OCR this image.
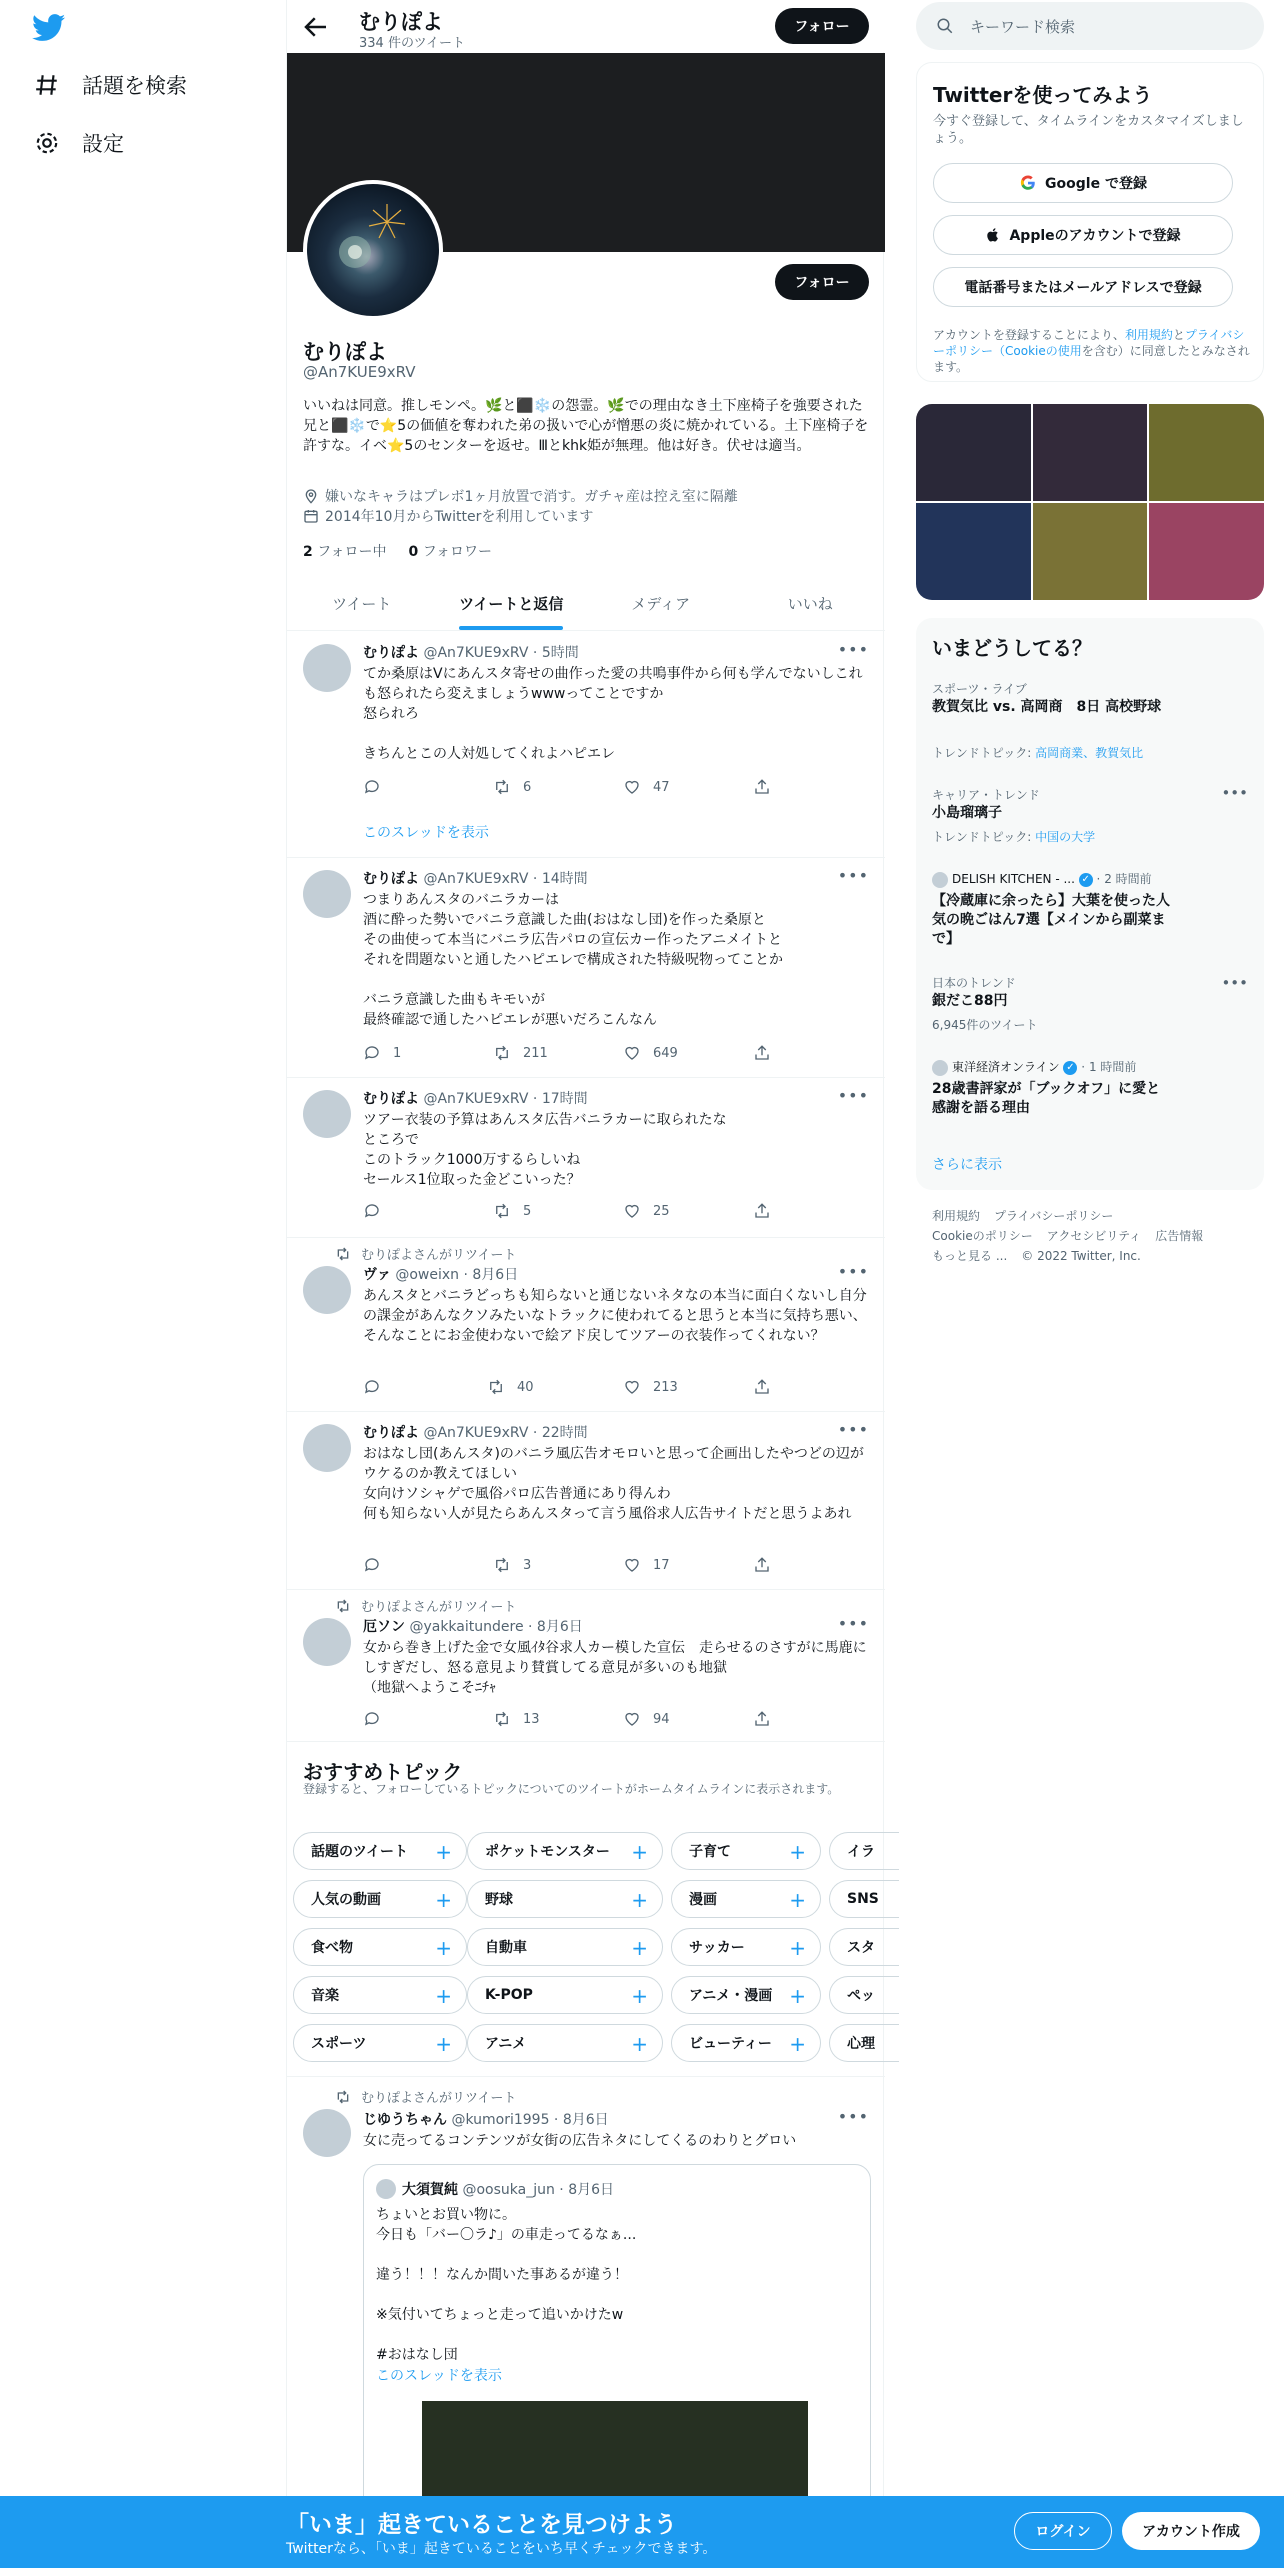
話題を検索
設定
むりぽよ
334 件のツイート
フォロー
フォロー
むりぽよ
@An7KUE9xRV
いいねは同意。推しモンペ。🌿と⬛❄️の怨霊。🌿での理由なき土下座椅子を強要された兄と⬛❄️で⭐5の価値を奪われた弟の扱いで心が憎悪の炎に焼かれている。土下座椅子を許すな。イベ⭐5のセンターを返せ。Ⅲとkhk姫が無理。他は好き。伏せは適当。
嫌いなキャラはプレボ1ヶ月放置で消す。ガチャ産は控え室に隔離
2014年10月からTwitterを利用しています
2 フォロー中 0 フォロワー
ツイート	ツイートと返信	メディア	いいね
むりぽよ @An7KUE9xRV · 5時間	•••
てか桑原はVにあんスタ寄せの曲作った愛の共鳴事件から何も学んでないしこれも怒られたら変えましょうwwwってことですか
怒られろ

きちんとこの人対処してくれよハピエレ
6	47
このスレッドを表示
むりぽよ @An7KUE9xRV · 14時間	•••
つまりあんスタのバニラカーは
酒に酔った勢いでバニラ意識した曲(おはなし団)を作った桑原と
その曲使って本当にバニラ広告パロの宣伝カー作ったアニメイトと
それを問題ないと通したハピエレで構成された特級呪物ってことか

バニラ意識した曲もキモいが
最終確認で通したハピエレが悪いだろこんなん
1	211	649
むりぽよ @An7KUE9xRV · 17時間	•••
ツアー衣装の予算はあんスタ広告バニラカーに取られたな
ところで
このトラック1000万するらしいね
セールス1位取った金どこいった？
5	25
むりぽよさんがリツイート
ヴァ @oweixn · 8月6日	•••
あんスタとバニラどっちも知らないと通じないネタなの本当に面白くないし自分の課金があんなクソみたいなトラックに使われてると思うと本当に気持ち悪い、そんなことにお金使わないで絵アド戻してツアーの衣装作ってくれない？
40	213
むりぽよ @An7KUE9xRV · 22時間	•••
おはなし団(あんスタ)のバニラ風広告オモロいと思って企画出したやつどの辺がウケるのか教えてほしい
女向けソシャゲで風俗パロ広告普通にあり得んわ
何も知らない人が見たらあんスタって言う風俗求人広告サイトだと思うよあれ
3	17
むりぽよさんがリツイート
厄ソン @yakkaitundere · 8月6日	•••
女から巻き上げた金で女風ｲﾀ谷求人カー模した宣伝　走らせるのさすがに馬鹿にしすぎだし、怒る意見より賛賞してる意見が多いのも地獄
（地獄へようこそﾆﾁｬ
13	94
おすすめトピック
登録すると、フォローしているトピックについてのツイートがホームタイムラインに表示されます。
話題のツイート + ポケットモンスター +	子育て	+	イラ
人気の動画	+ 野球	+	漫画	+	SNS
食べ物	+ 自動車	+	サッカー +	スタ
音楽	+ K-POP	+	アニメ・漫画 +	ペッ
スポーツ	+ アニメ	+	ビューティー +	心理
むりぽよさんがリツイート
じゆうちゃん @kumori1995 · 8月6日	•••
女に売ってるコンテンツが女街の広告ネタにしてくるのわりとグロい
大須賀純 @oosuka_jun · 8月6日
ちょいとお買い物に。
今日も「バー〇ラ♪」の車走ってるなぁ...

違う！！！なんか間いた事あるが違う！

※気付いてちょっと走って追いかけたw

#おはなし団
このスレッドを表示
キーワード検索
Twitterを使ってみよう
今すぐ登録して、タイムラインをカスタマイズしましょう。
Google で登録
Appleのアカウントで登録
電話番号またはメールアドレスで登録
アカウントを登録することにより、利用規約とプライバシーポリシー（Cookieの使用を含む）に同意したとみなされます。
いまどうしてる？
スポーツ・ライブ
教賀気比 vs. 高岡商　8日 高校野球
トレンドトピック: 高岡商業、教賀気比
キャリア・トレンド	•••
小島瑠璃子
トレンドトピック: 中国の大学
DELISH KITCHEN - ... ✓ · 2 時間前
【冷蔵庫に余ったら】大葉を使った人気の晩ごはん7選【メインから副菜まで】
日本のトレンド	•••
銀だこ88円
6,945件のツイート
東洋経済オンライン ✓ · 1 時間前
28歳書評家が「ブックオフ」に愛と感謝を語る理由
さらに表示
利用規約 プライバシーポリシー
Cookieのポリシー アクセシビリティ 広告情報
もっと見る ... © 2022 Twitter, Inc.
「いま」起きていることを見つけよう
Twitterなら、「いま」起きていることをいち早くチェックできます。
ログイン	アカウント作成
